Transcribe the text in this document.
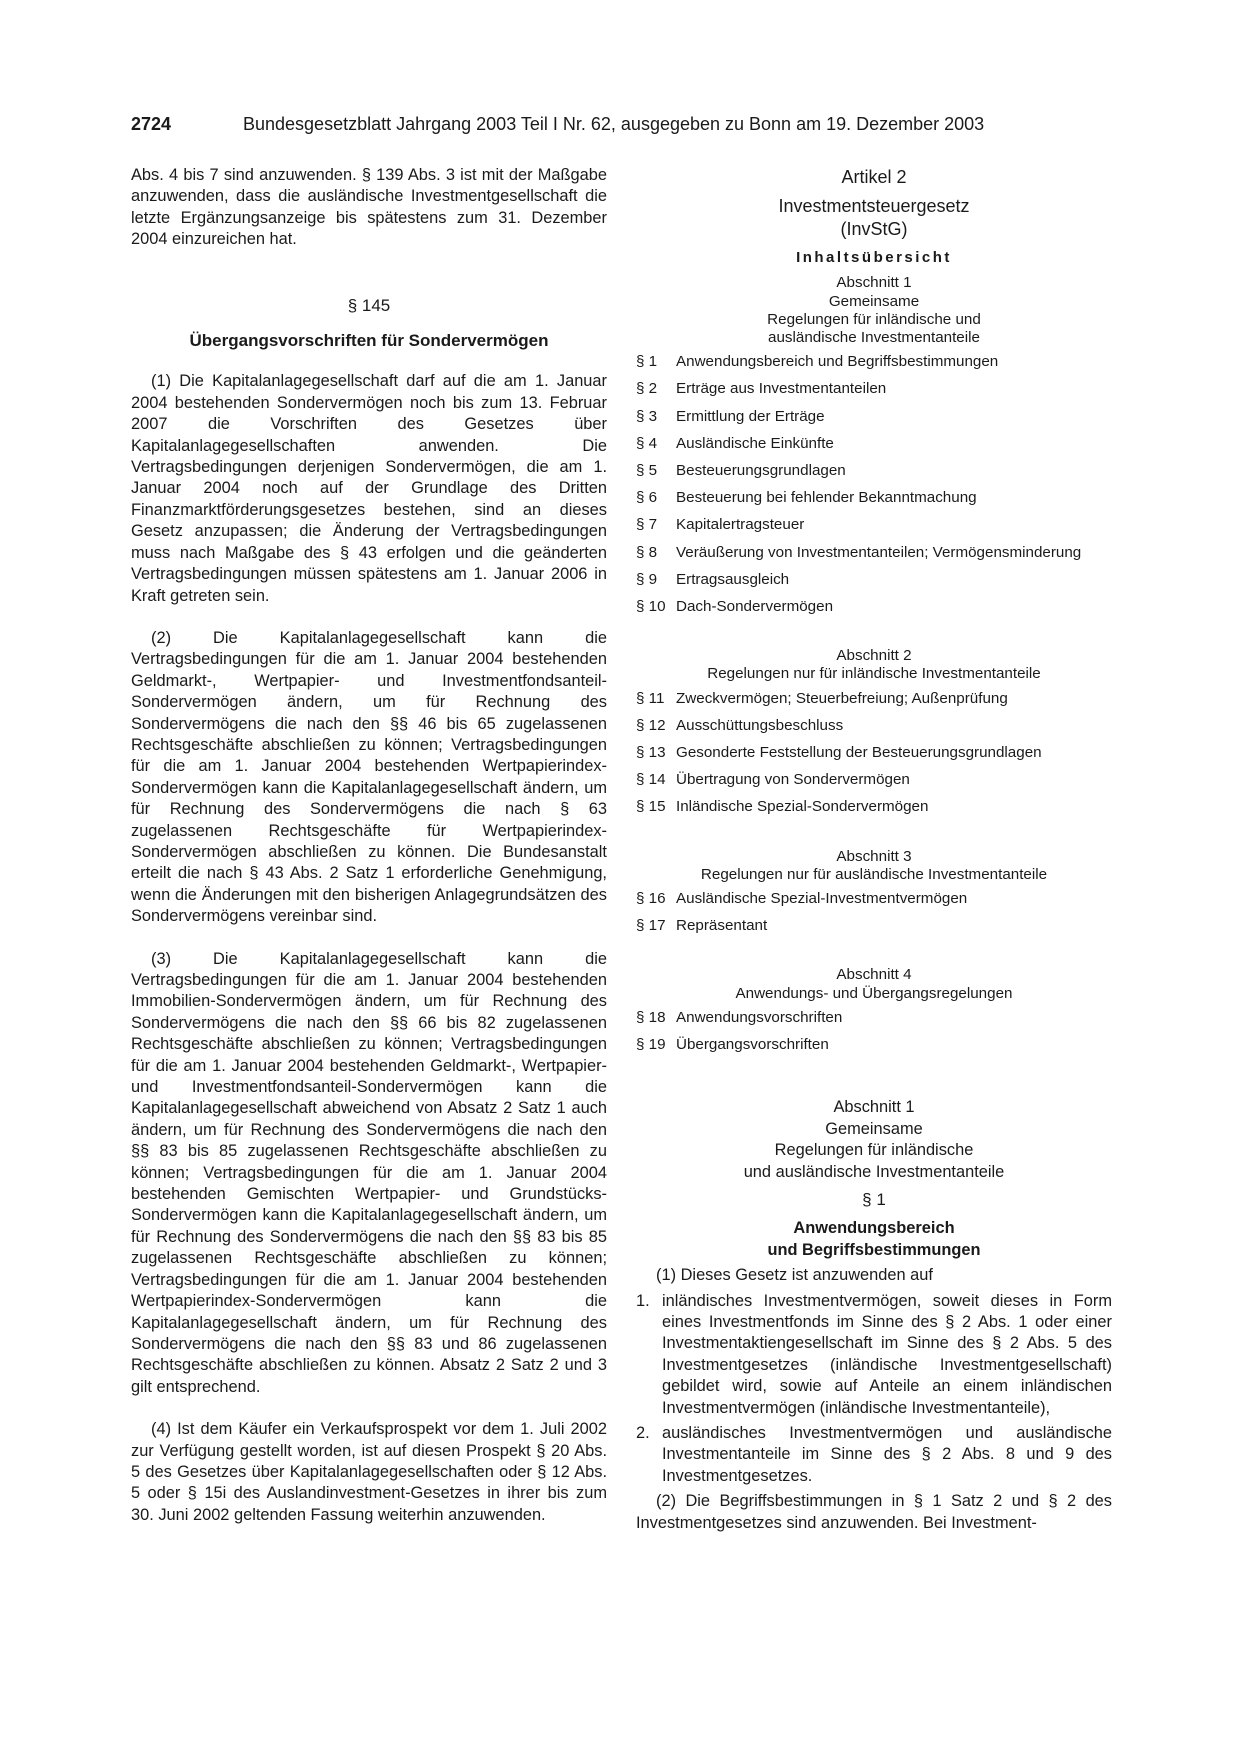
2724	Bundesgesetzblatt Jahrgang 2003 Teil I Nr. 62, ausgegeben zu Bonn am 19. Dezember 2003

Abs. 4 bis 7 sind anzuwenden. § 139 Abs. 3 ist mit der Maßgabe anzuwenden, dass die ausländische Investmentgesellschaft die letzte Ergänzungsanzeige bis spätestens zum 31. Dezember 2004 einzureichen hat.

§ 145
Übergangsvorschriften für Sondervermögen

(1) Die Kapitalanlagegesellschaft darf auf die am 1. Januar 2004 bestehenden Sondervermögen noch bis zum 13. Februar 2007 die Vorschriften des Gesetzes über Kapitalanlagegesellschaften anwenden. Die Vertragsbedingungen derjenigen Sondervermögen, die am 1. Januar 2004 noch auf der Grundlage des Dritten Finanzmarktförderungsgesetzes bestehen, sind an dieses Gesetz anzupassen; die Änderung der Vertragsbedingungen muss nach Maßgabe des § 43 erfolgen und die geänderten Vertragsbedingungen müssen spätestens am 1. Januar 2006 in Kraft getreten sein.

(2) Die Kapitalanlagegesellschaft kann die Vertragsbedingungen für die am 1. Januar 2004 bestehenden Geldmarkt-, Wertpapier- und Investmentfondsanteil-Sondervermögen ändern, um für Rechnung des Sondervermögens die nach den §§ 46 bis 65 zugelassenen Rechtsgeschäfte abschließen zu können; Vertragsbedingungen für die am 1. Januar 2004 bestehenden Wertpapierindex-Sondervermögen kann die Kapitalanlagegesellschaft ändern, um für Rechnung des Sondervermögens die nach § 63 zugelassenen Rechtsgeschäfte für Wertpapierindex-Sondervermögen abschließen zu können. Die Bundesanstalt erteilt die nach § 43 Abs. 2 Satz 1 erforderliche Genehmigung, wenn die Änderungen mit den bisherigen Anlagegrundsätzen des Sondervermögens vereinbar sind.

(3) Die Kapitalanlagegesellschaft kann die Vertragsbedingungen für die am 1. Januar 2004 bestehenden Immobilien-Sondervermögen ändern, um für Rechnung des Sondervermögens die nach den §§ 66 bis 82 zugelassenen Rechtsgeschäfte abschließen zu können; Vertragsbedingungen für die am 1. Januar 2004 bestehenden Geldmarkt-, Wertpapier- und Investmentfondsanteil-Sondervermögen kann die Kapitalanlagegesellschaft abweichend von Absatz 2 Satz 1 auch ändern, um für Rechnung des Sondervermögens die nach den §§ 83 bis 85 zugelassenen Rechtsgeschäfte abschließen zu können; Vertragsbedingungen für die am 1. Januar 2004 bestehenden Gemischten Wertpapier- und Grundstücks-Sondervermögen kann die Kapitalanlagegesellschaft ändern, um für Rechnung des Sondervermögens die nach den §§ 83 bis 85 zugelassenen Rechtsgeschäfte abschließen zu können; Vertragsbedingungen für die am 1. Januar 2004 bestehenden Wertpapierindex-Sondervermögen kann die Kapitalanlagegesellschaft ändern, um für Rechnung des Sondervermögens die nach den §§ 83 und 86 zugelassenen Rechtsgeschäfte abschließen zu können. Absatz 2 Satz 2 und 3 gilt entsprechend.

(4) Ist dem Käufer ein Verkaufsprospekt vor dem 1. Juli 2002 zur Verfügung gestellt worden, ist auf diesen Prospekt § 20 Abs. 5 des Gesetzes über Kapitalanlagegesellschaften oder § 12 Abs. 5 oder § 15i des Auslandinvestment-Gesetzes in ihrer bis zum 30. Juni 2002 geltenden Fassung weiterhin anzuwenden.

Artikel 2
Investmentsteuergesetz
(InvStG)
Inhaltsübersicht
Abschnitt 1
Gemeinsame
Regelungen für inländische und
ausländische Investmentanteile
§ 1	Anwendungsbereich und Begriffsbestimmungen
§ 2	Erträge aus Investmentanteilen
§ 3	Ermittlung der Erträge
§ 4	Ausländische Einkünfte
§ 5	Besteuerungsgrundlagen
§ 6	Besteuerung bei fehlender Bekanntmachung
§ 7	Kapitalertragsteuer
§ 8	Veräußerung von Investmentanteilen; Vermögensminderung
§ 9	Ertragsausgleich
§ 10 Dach-Sondervermögen
Abschnitt 2
Regelungen nur für inländische Investmentanteile
§ 11 Zweckvermögen; Steuerbefreiung; Außenprüfung
§ 12 Ausschüttungsbeschluss
§ 13 Gesonderte Feststellung der Besteuerungsgrundlagen
§ 14 Übertragung von Sondervermögen
§ 15 Inländische Spezial-Sondervermögen
Abschnitt 3
Regelungen nur für ausländische Investmentanteile
§ 16 Ausländische Spezial-Investmentvermögen
§ 17 Repräsentant
Abschnitt 4
Anwendungs- und Übergangsregelungen
§ 18 Anwendungsvorschriften
§ 19 Übergangsvorschriften
Abschnitt 1
Gemeinsame
Regelungen für inländische
und ausländische Investmentanteile
§ 1
Anwendungsbereich
und Begriffsbestimmungen

(1) Dieses Gesetz ist anzuwenden auf

1. inländisches Investmentvermögen, soweit dieses in Form eines Investmentfonds im Sinne des § 2 Abs. 1 oder einer Investmentaktiengesellschaft im Sinne des § 2 Abs. 5 des Investmentgesetzes (inländische Investmentgesellschaft) gebildet wird, sowie auf Anteile an einem inländischen Investmentvermögen (inländische Investmentanteile),
2. ausländisches Investmentvermögen und ausländische Investmentanteile im Sinne des § 2 Abs. 8 und 9 des Investmentgesetzes.

(2) Die Begriffsbestimmungen in § 1 Satz 2 und § 2 des Investmentgesetzes sind anzuwenden. Bei Investment-
